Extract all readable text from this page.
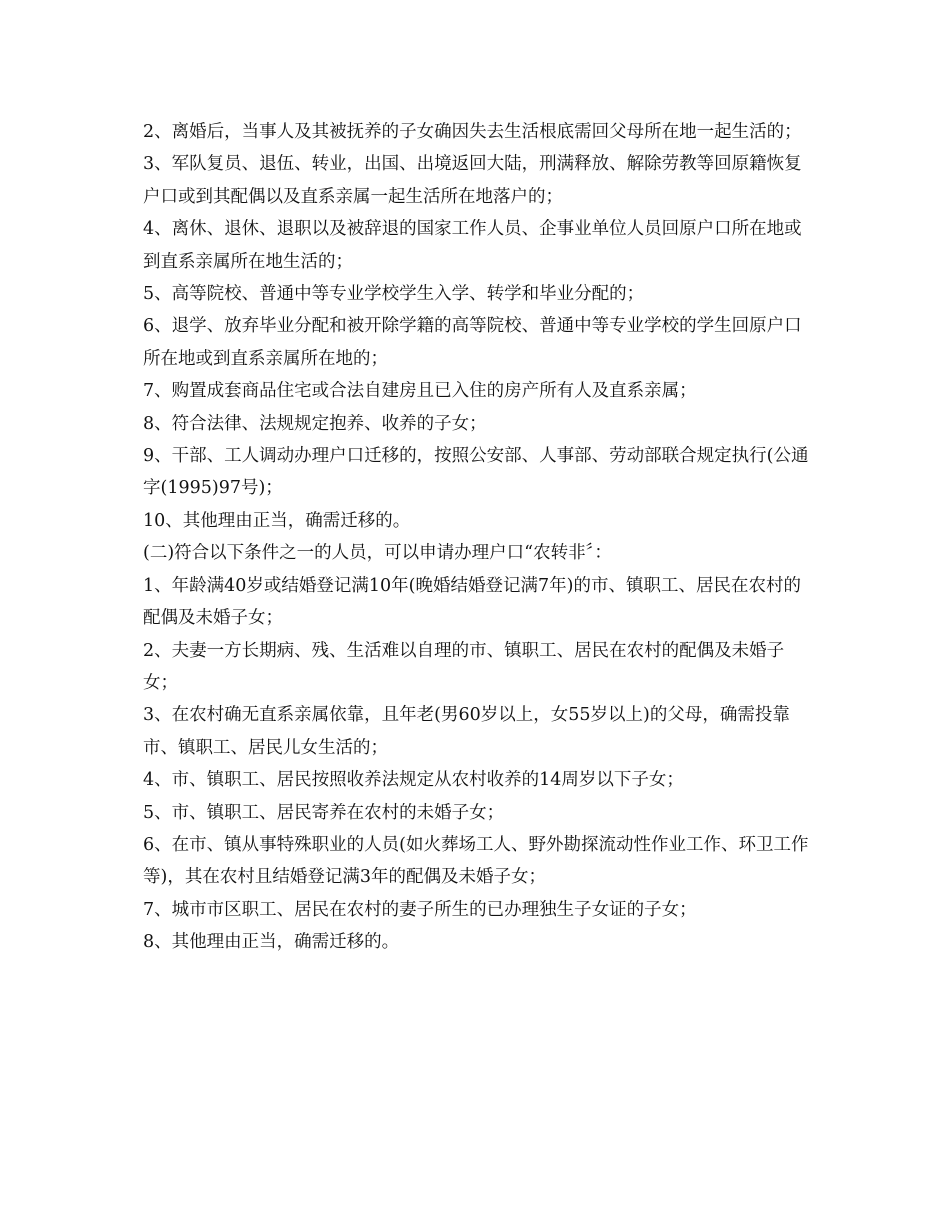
2、离婚后，当事人及其被抚养的子女确因失去生活根底需回父母所在地一起生活的；

3、军队复员、退伍、转业，出国、出境返回大陆，刑满释放、解除劳教等回原籍恢复户口或到其配偶以及直系亲属一起生活所在地落户的；

4、离休、退休、退职以及被辞退的国家工作人员、企事业单位人员回原户口所在地或到直系亲属所在地生活的；

5、高等院校、普通中等专业学校学生入学、转学和毕业分配的；

6、退学、放弃毕业分配和被开除学籍的高等院校、普通中等专业学校的学生回原户口所在地或到直系亲属所在地的；

7、购置成套商品住宅或合法自建房且已入住的房产所有人及直系亲属；

8、符合法律、法规规定抱养、收养的子女；

9、干部、工人调动办理户口迁移的，按照公安部、人事部、劳动部联合规定执行(公通字(1995)97号)；

10、其他理由正当，确需迁移的。

(二)符合以下条件之一的人员，可以申请办理户口“农转非〞：

1、年龄满40岁或结婚登记满10年(晚婚结婚登记满7年)的市、镇职工、居民在农村的配偶及未婚子女；

2、夫妻一方长期病、残、生活难以自理的市、镇职工、居民在农村的配偶及未婚子女；

3、在农村确无直系亲属依靠，且年老(男60岁以上，女55岁以上)的父母，确需投靠市、镇职工、居民儿女生活的；

4、市、镇职工、居民按照收养法规定从农村收养的14周岁以下子女；

5、市、镇职工、居民寄养在农村的未婚子女；

6、在市、镇从事特殊职业的人员(如火葬场工人、野外勘探流动性作业工作、环卫工作等)，其在农村且结婚登记满3年的配偶及未婚子女；

7、城市市区职工、居民在农村的妻子所生的已办理独生子女证的子女；

8、其他理由正当，确需迁移的。
